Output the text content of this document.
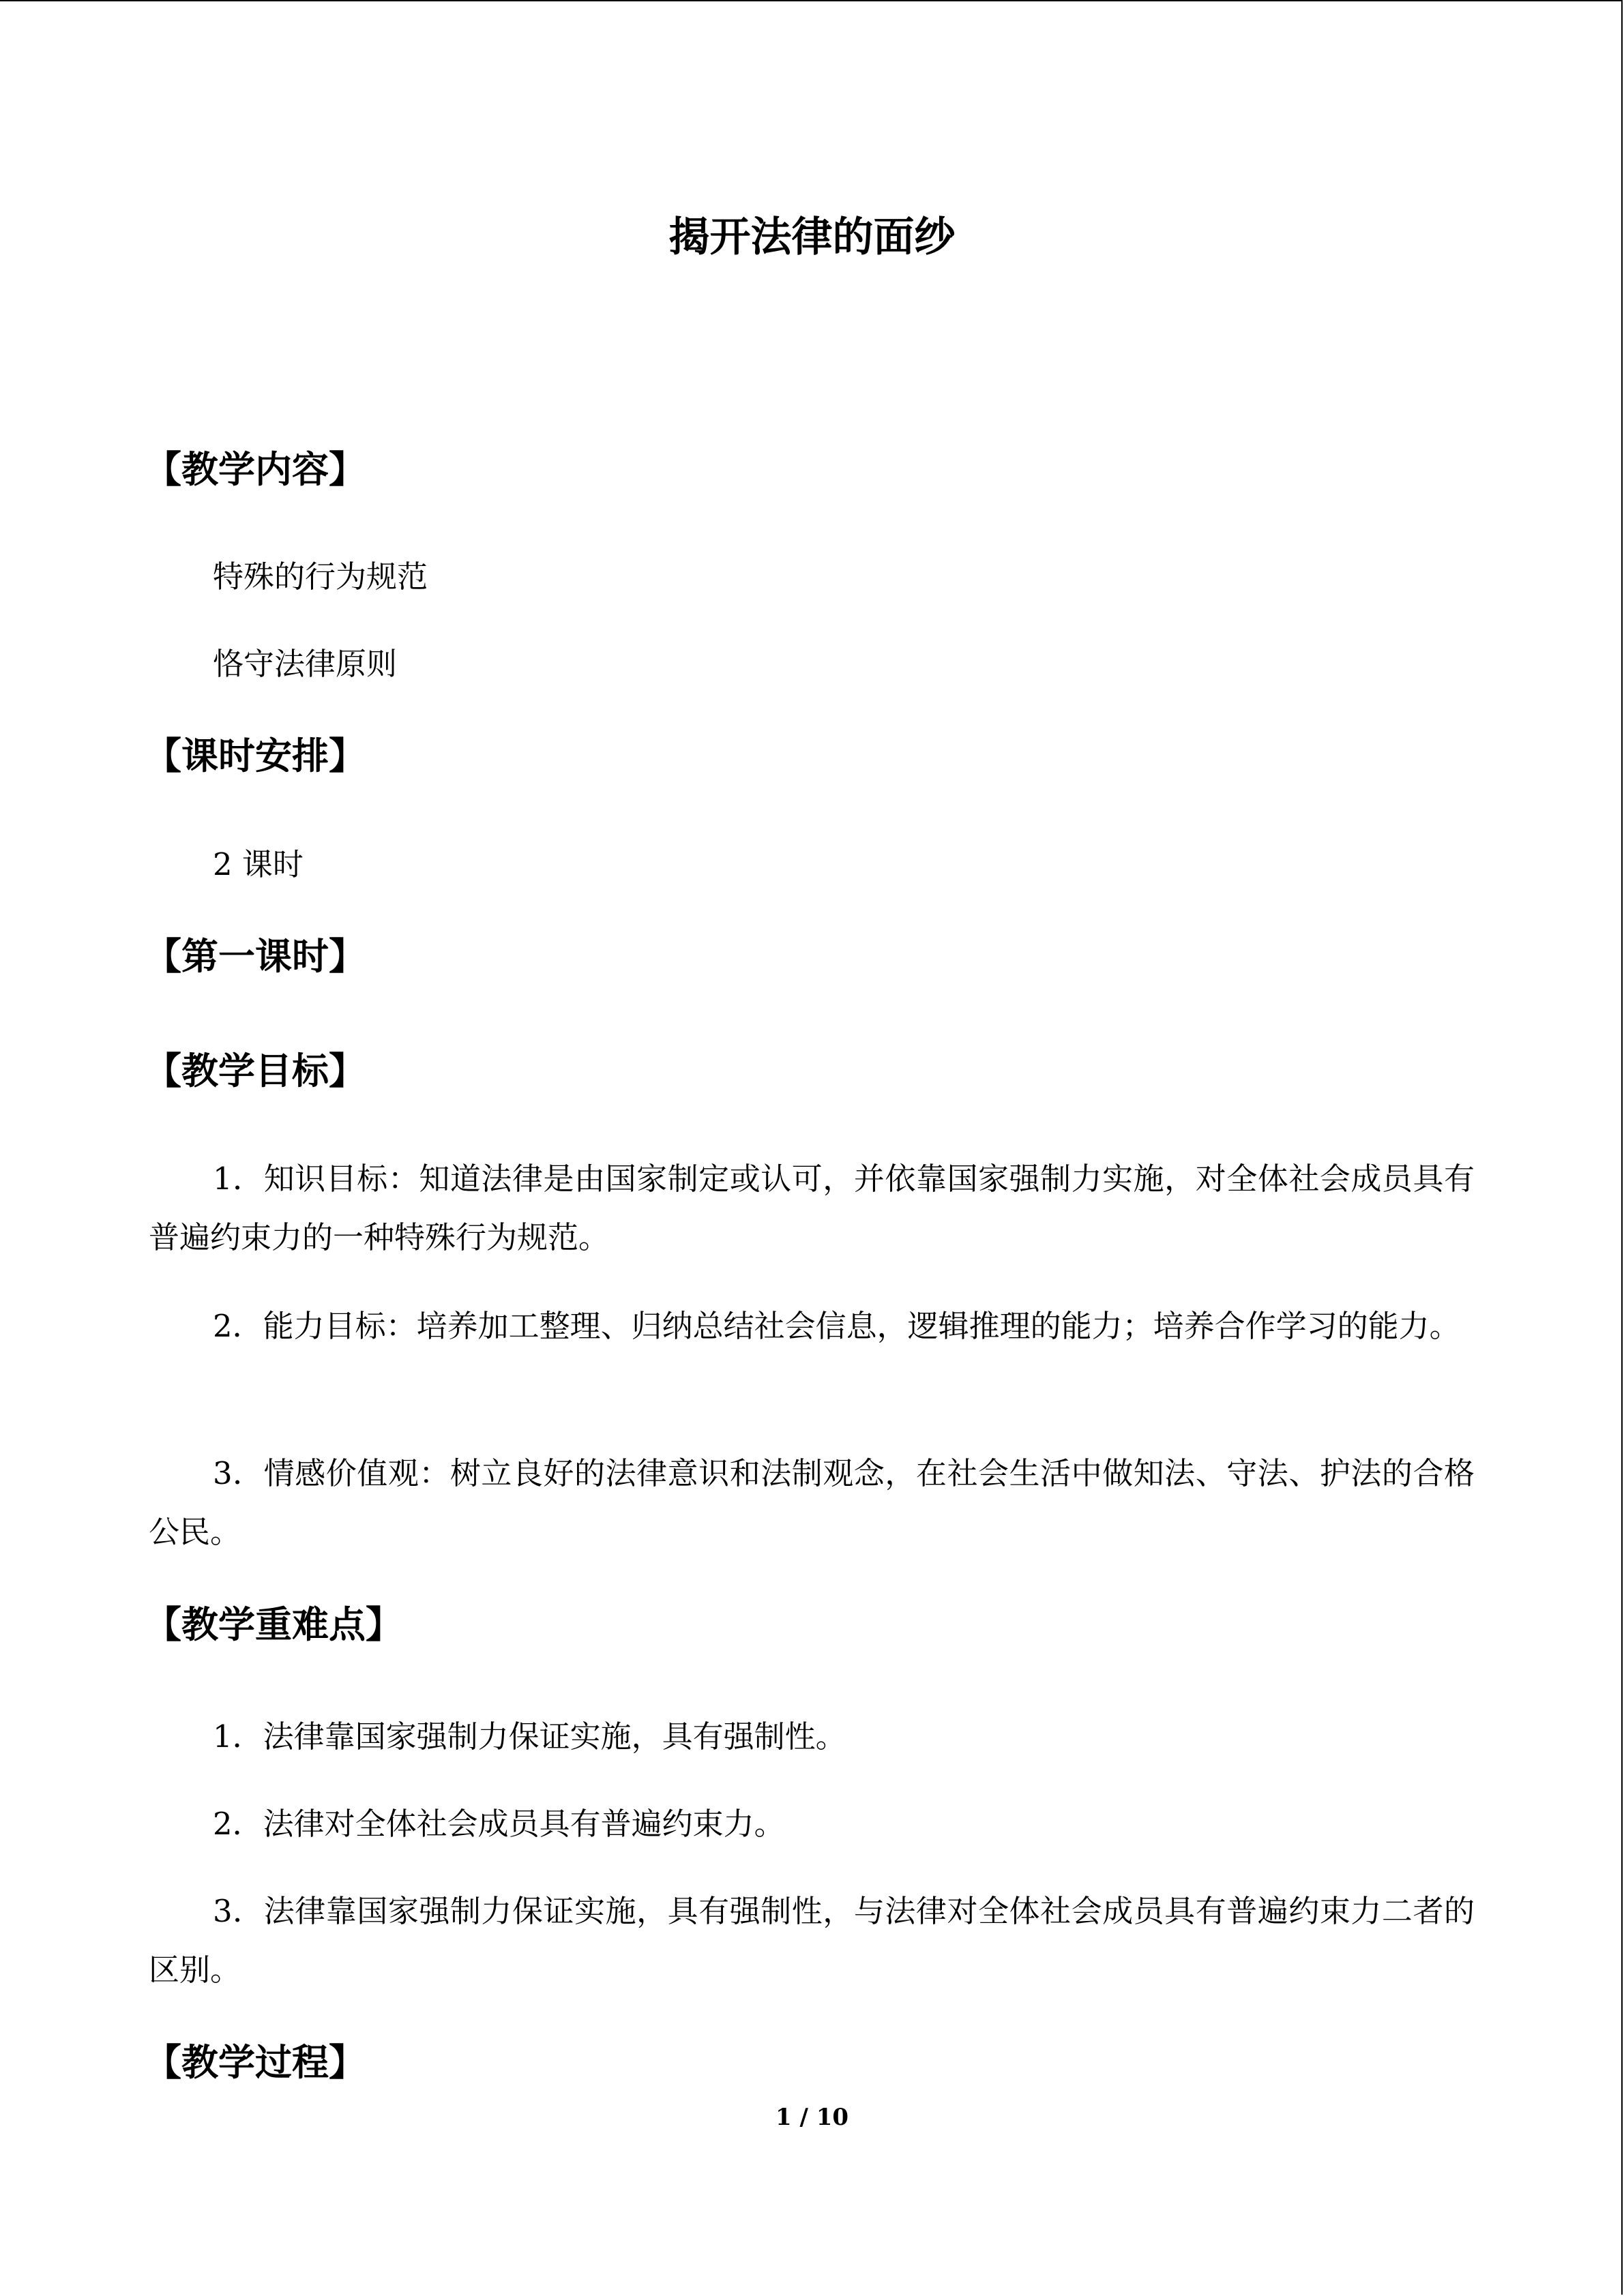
揭开法律的面纱
【教学内容】
特殊的行为规范
恪守法律原则
【课时安排】
2 课时
【第一课时】
【教学目标】

1．知识目标：知道法律是由国家制定或认可，并依靠国家强制力实施，对全体社会成员具有普遍约束力的一种特殊行为规范。

2．能力目标：培养加工整理、归纳总结社会信息，逻辑推理的能力；培养合作学习的能力。

3．情感价值观：树立良好的法律意识和法制观念，在社会生活中做知法、守法、护法的合格公民。

【教学重难点】

1．法律靠国家强制力保证实施，具有强制性。

2．法律对全体社会成员具有普遍约束力。

3．法律靠国家强制力保证实施，具有强制性，与法律对全体社会成员具有普遍约束力二者的区别。

【教学过程】
1 / 10
